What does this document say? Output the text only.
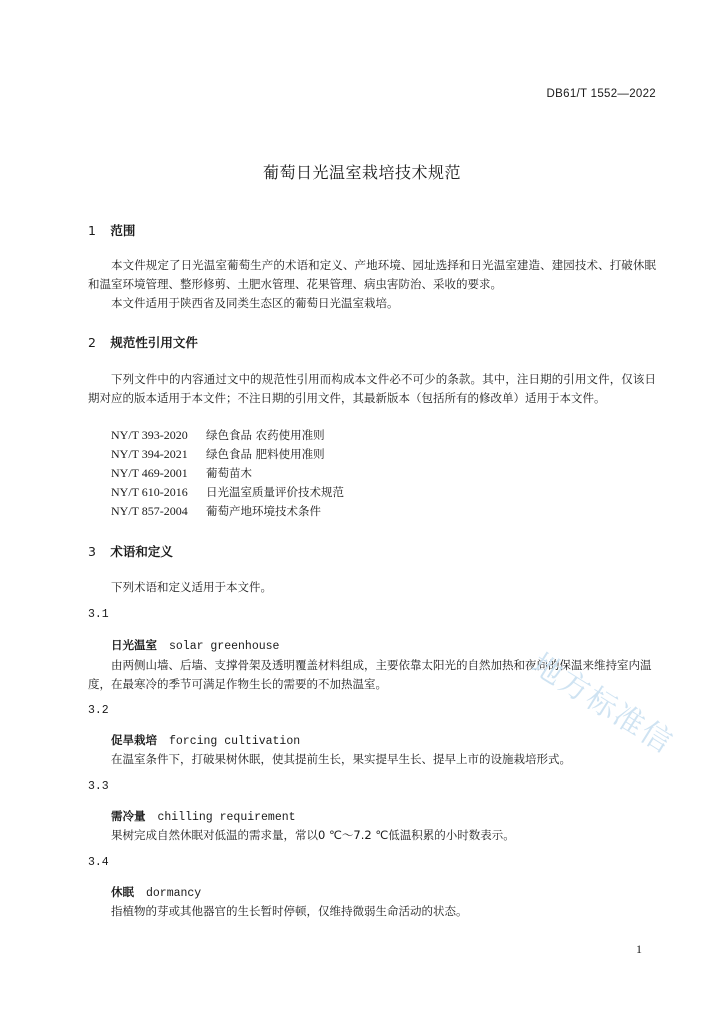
DB61/T 1552—2022
葡萄日光温室栽培技术规范
1 范围
本文件规定了日光温室葡萄生产的术语和定义、产地环境、园址选择和日光温室建造、建园技术、打破休眠和温室环境管理、整形修剪、土肥水管理、花果管理、病虫害防治、采收的要求。
本文件适用于陕西省及同类生态区的葡萄日光温室栽培。
2 规范性引用文件
下列文件中的内容通过文中的规范性引用而构成本文件必不可少的条款。其中，注日期的引用文件，仅该日期对应的版本适用于本文件；不注日期的引用文件，其最新版本（包括所有的修改单）适用于本文件。
NY/T 393-2020 绿色食品 农药使用准则
NY/T 394-2021 绿色食品 肥料使用准则
NY/T 469-2001 葡萄苗木
NY/T 610-2016 日光温室质量评价技术规范
NY/T 857-2004 葡萄产地环境技术条件
3 术语和定义
下列术语和定义适用于本文件。
3.1
日光温室 solar greenhouse
由两侧山墙、后墙、支撑骨架及透明覆盖材料组成，主要依靠太阳光的自然加热和夜间的保温来维持室内温度，在最寒冷的季节可满足作物生长的需要的不加热温室。
3.2
促旱栽培 forcing cultivation
在温室条件下，打破果树休眠，使其提前生长，果实提早生长、提早上市的设施栽培形式。
3.3
需冷量 chilling requirement
果树完成自然休眠对低温的需求量，常以0 ℃～7.2 ℃低温积累的小时数表示。
3.4
休眠 dormancy
指植物的芽或其他器官的生长暂时停顿，仅维持微弱生命活动的状态。
地方标准信
1
